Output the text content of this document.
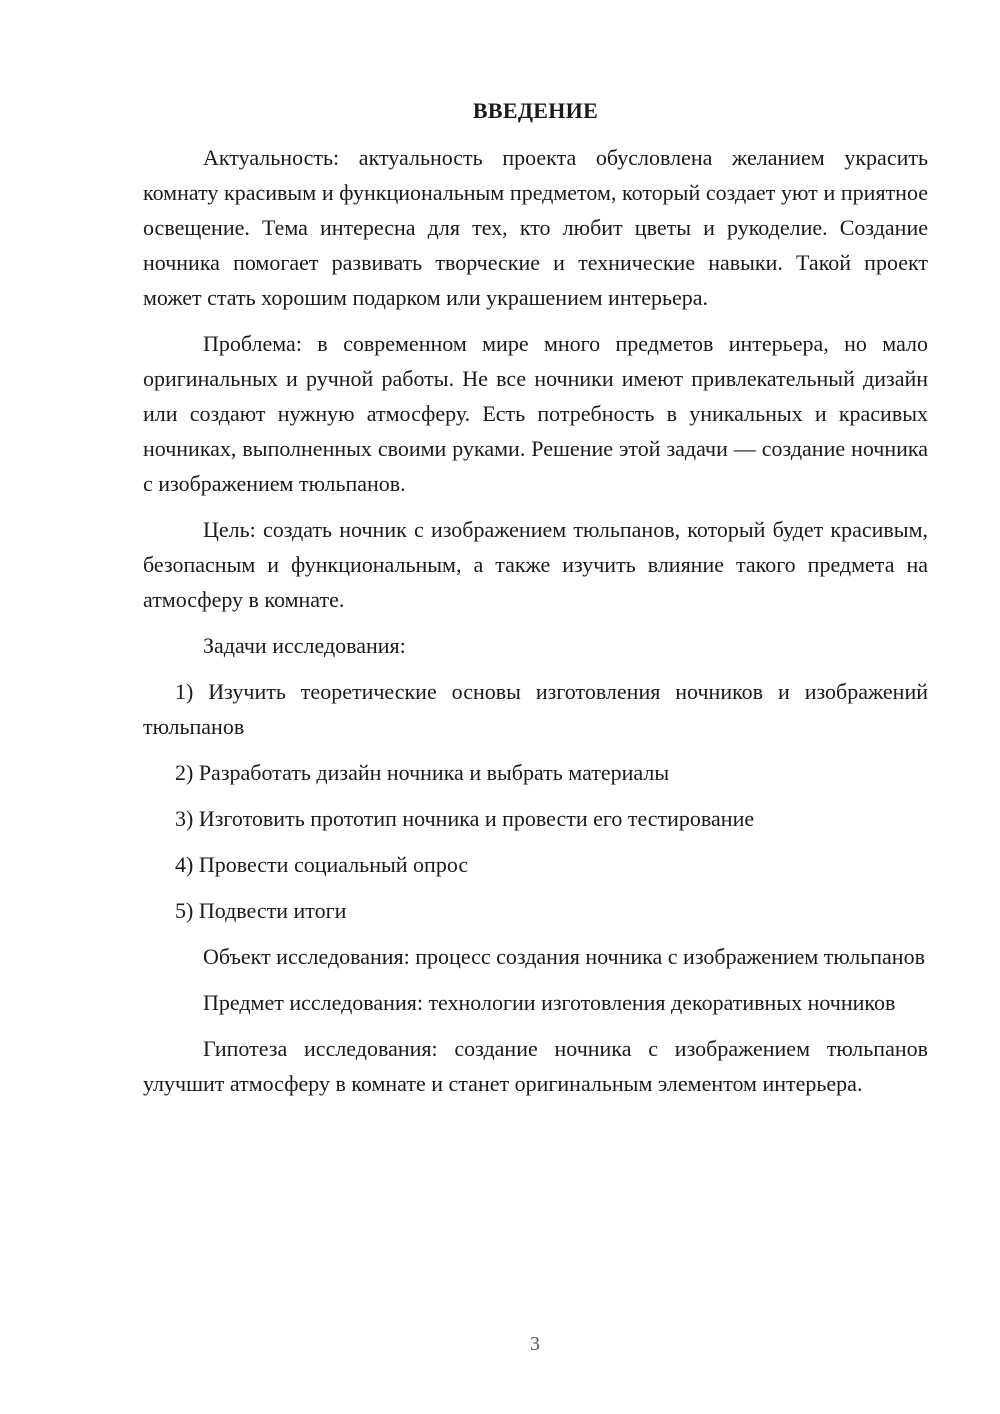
ВВЕДЕНИЕ

Актуальность: актуальность проекта обусловлена желанием украсить комнату красивым и функциональным предметом, который создает уют и приятное освещение. Тема интересна для тех, кто любит цветы и рукоделие. Создание ночника помогает развивать творческие и технические навыки. Такой проект может стать хорошим подарком или украшением интерьера.

Проблема: в современном мире много предметов интерьера, но мало оригинальных и ручной работы. Не все ночники имеют привлекательный дизайн или создают нужную атмосферу. Есть потребность в уникальных и красивых ночниках, выполненных своими руками. Решение этой задачи — создание ночника с изображением тюльпанов.

Цель: создать ночник с изображением тюльпанов, который будет красивым, безопасным и функциональным, а также изучить влияние такого предмета на атмосферу в комнате.

Задачи исследования:

1) Изучить теоретические основы изготовления ночников и изображений тюльпанов

2) Разработать дизайн ночника и выбрать материалы

3) Изготовить прототип ночника и провести его тестирование

4) Провести социальный опрос

5) Подвести итоги

Объект исследования: процесс создания ночника с изображением тюльпанов

Предмет исследования: технологии изготовления декоративных ночников

Гипотеза исследования: создание ночника с изображением тюльпанов улучшит атмосферу в комнате и станет оригинальным элементом интерьера.

3
